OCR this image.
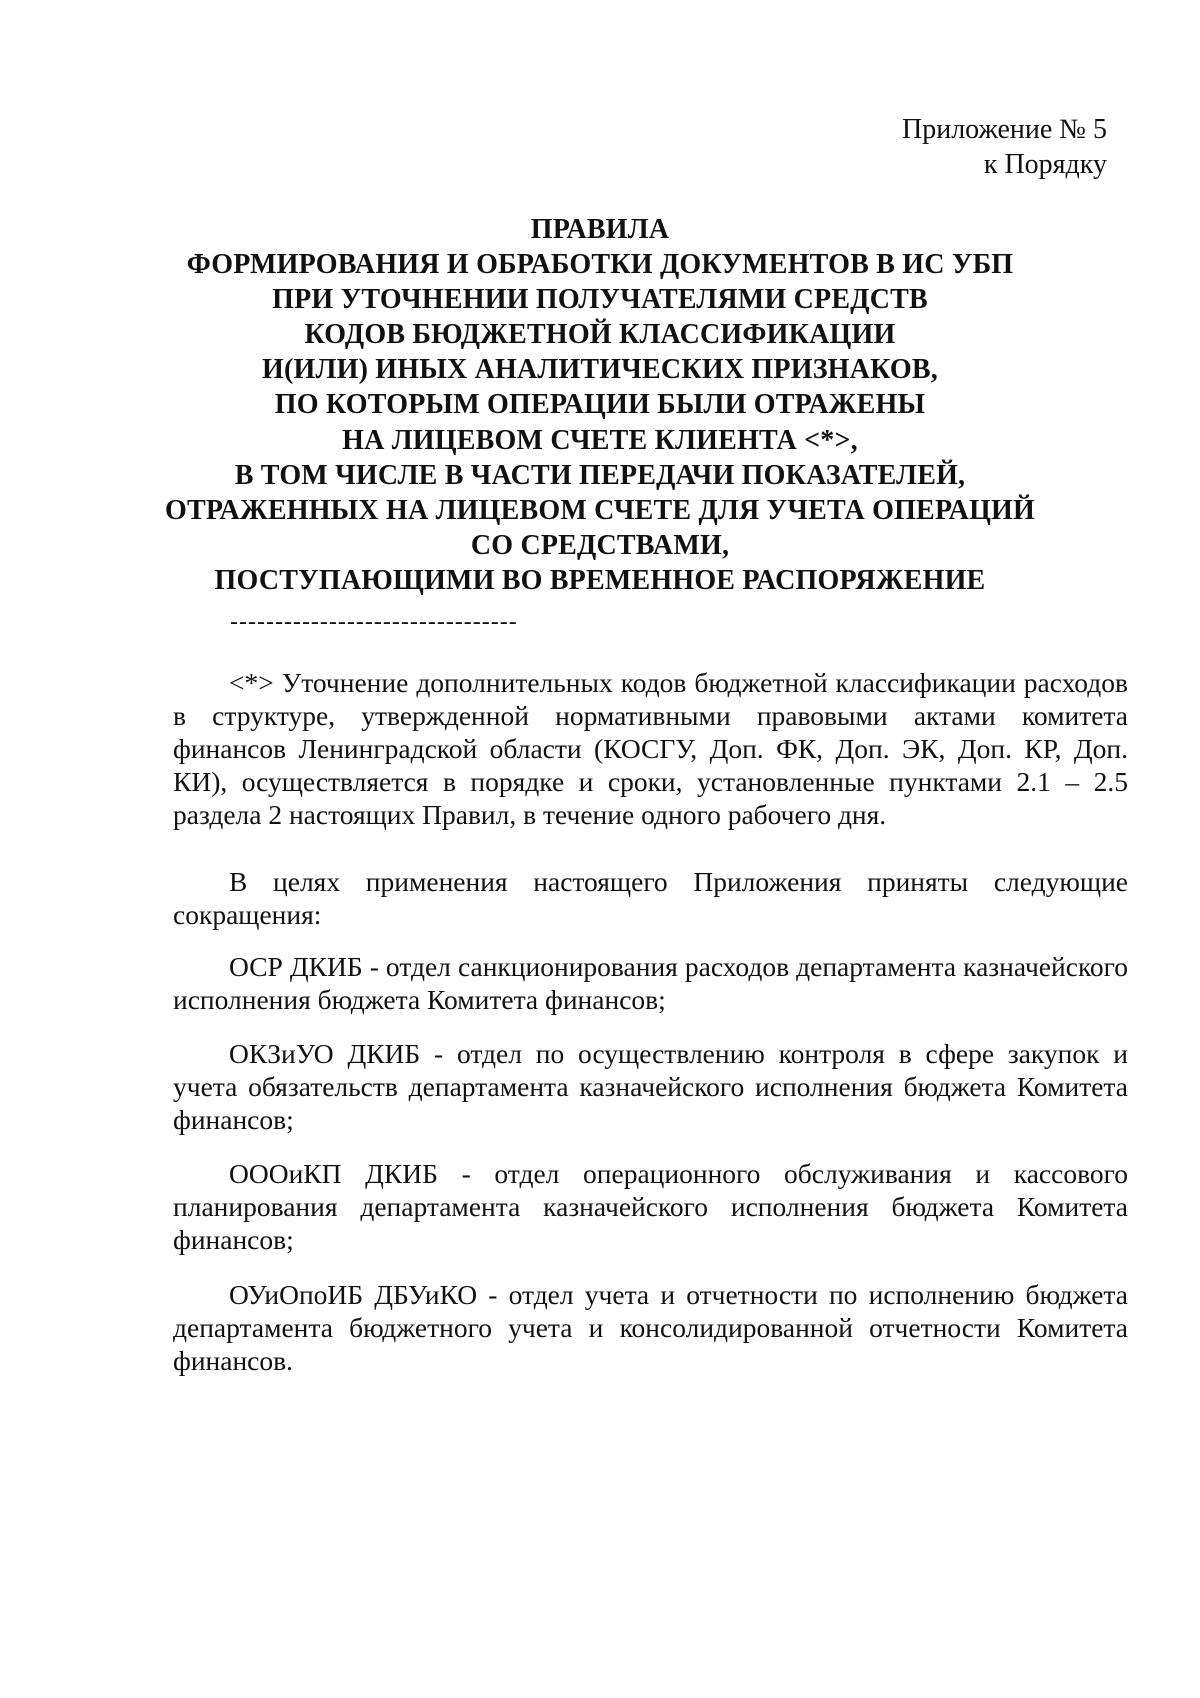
Приложение № 5
к Порядку
ПРАВИЛА
ФОРМИРОВАНИЯ И ОБРАБОТКИ ДОКУМЕНТОВ В ИС УБП
ПРИ УТОЧНЕНИИ ПОЛУЧАТЕЛЯМИ СРЕДСТВ
КОДОВ БЮДЖЕТНОЙ КЛАССИФИКАЦИИ
И(ИЛИ) ИНЫХ АНАЛИТИЧЕСКИХ ПРИЗНАКОВ,
ПО КОТОРЫМ ОПЕРАЦИИ БЫЛИ ОТРАЖЕНЫ
НА ЛИЦЕВОМ СЧЕТЕ КЛИЕНТА <*>,
В ТОМ ЧИСЛЕ В ЧАСТИ ПЕРЕДАЧИ ПОКАЗАТЕЛЕЙ,
ОТРАЖЕННЫХ НА ЛИЦЕВОМ СЧЕТЕ ДЛЯ УЧЕТА ОПЕРАЦИЙ
СО СРЕДСТВАМИ,
ПОСТУПАЮЩИМИ ВО ВРЕМЕННОЕ РАСПОРЯЖЕНИЕ
--------------------------------

<*> Уточнение дополнительных кодов бюджетной классификации расходов в структуре, утвержденной нормативными правовыми актами комитета финансов Ленинградской области (КОСГУ, Доп. ФК, Доп. ЭК, Доп. КР, Доп. КИ), осуществляется в порядке и сроки, установленные пунктами 2.1 – 2.5 раздела 2 настоящих Правил, в течение одного рабочего дня.

В целях применения настоящего Приложения приняты следующие сокращения:

ОСР ДКИБ - отдел санкционирования расходов департамента казначейского исполнения бюджета Комитета финансов;

ОКЗиУО ДКИБ - отдел по осуществлению контроля в сфере закупок и учета обязательств департамента казначейского исполнения бюджета Комитета финансов;

ОООиКП ДКИБ - отдел операционного обслуживания и кассового планирования департамента казначейского исполнения бюджета Комитета финансов;

ОУиОпоИБ ДБУиКО - отдел учета и отчетности по исполнению бюджета департамента бюджетного учета и консолидированной отчетности Комитета финансов.
